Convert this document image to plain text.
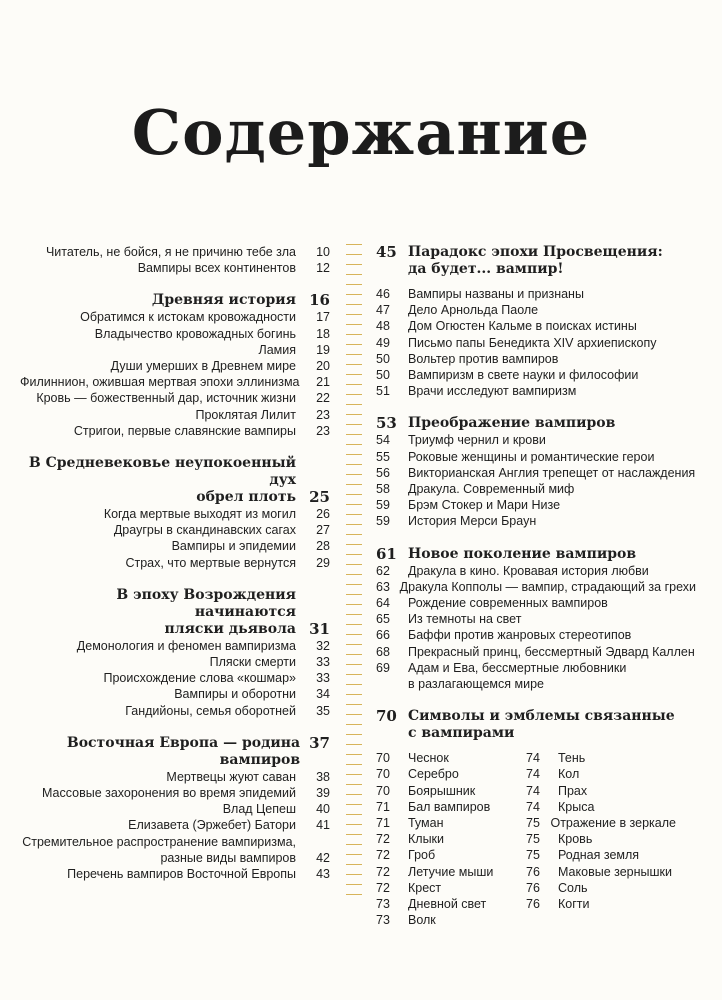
Содержание
Читатель, не бойся, я не причиню тебе зла	10
Вампиры всех континентов	12
Древняя история 16
Обратимся к истокам кровожадности	17
Владычество кровожадных богинь	18
Ламия	19
Души умерших в Древнем мире	20
Филиннион, ожившая мертвая эпохи эллинизма	21
Кровь — божественный дар, источник жизни	22
Проклятая Лилит	23
Стригои, первые славянские вампиры	23
В Средневековье неупокоенный дух
обрел плоть 25
Когда мертвые выходят из могил	26
Драугры в скандинавских сагах	27
Вампиры и эпидемии	28
Страх, что мертвые вернутся	29
В эпоху Возрождения начинаются
пляски дьявола 31
Демонология и феномен вампиризма	32
Пляски смерти	33
Происхождение слова «кошмар»	33
Вампиры и оборотни	34
Гандийоны, семья оборотней	35
Восточная Европа — родина вампиров
37
Мертвецы жуют саван	38
Массовые захоронения во время эпидемий	39
Влад Цепеш	40
Елизавета (Эржебет) Батори	41
Стремительное распространение вампиризма,
разные виды вампиров	42
Перечень вампиров Восточной Европы	43
45 Парадокс эпохи Просвещения:
да будет... вампир!
46	Вампиры названы и признаны
47	Дело Арнольда Паоле
48	Дом Огюстен Кальме в поисках истины
49	Письмо папы Бенедикта XIV архиепископу
50	Вольтер против вампиров
50	Вампиризм в свете науки и философии
51	Врачи исследуют вампиризм
53 Преображение вампиров
54	Триумф чернил и крови
55	Роковые женщины и романтические герои
56	Викторианская Англия трепещет от наслаждения
58	Дракула. Современный миф
59	Брэм Стокер и Мари Низе
59	История Мерси Браун
61 Новое поколение вампиров
62	Дракула в кино. Кровавая история любви
63 Дракула Копполы — вампир, страдающий за грехи
64	Рождение современных вампиров
65	Из темноты на свет
66	Баффи против жанровых стереотипов
68	Прекрасный принц, бессмертный Эдвард Каллен
69	Адам и Ева, бессмертные любовники
в разлагающемся мире
70 Символы и эмблемы связанные
с вампирами
70	Чеснок
70	Серебро
70	Боярышник
71	Бал вампиров
71	Туман
72	Клыки
72	Гроб
72	Летучие мыши
72	Крест
73	Дневной свет
73	Волк
74	Тень
74	Кол
74	Прах
74	Крыса
75 Отражение в зеркале
75	Кровь
75	Родная земля
76	Маковые зернышки
76	Соль
76	Когти
